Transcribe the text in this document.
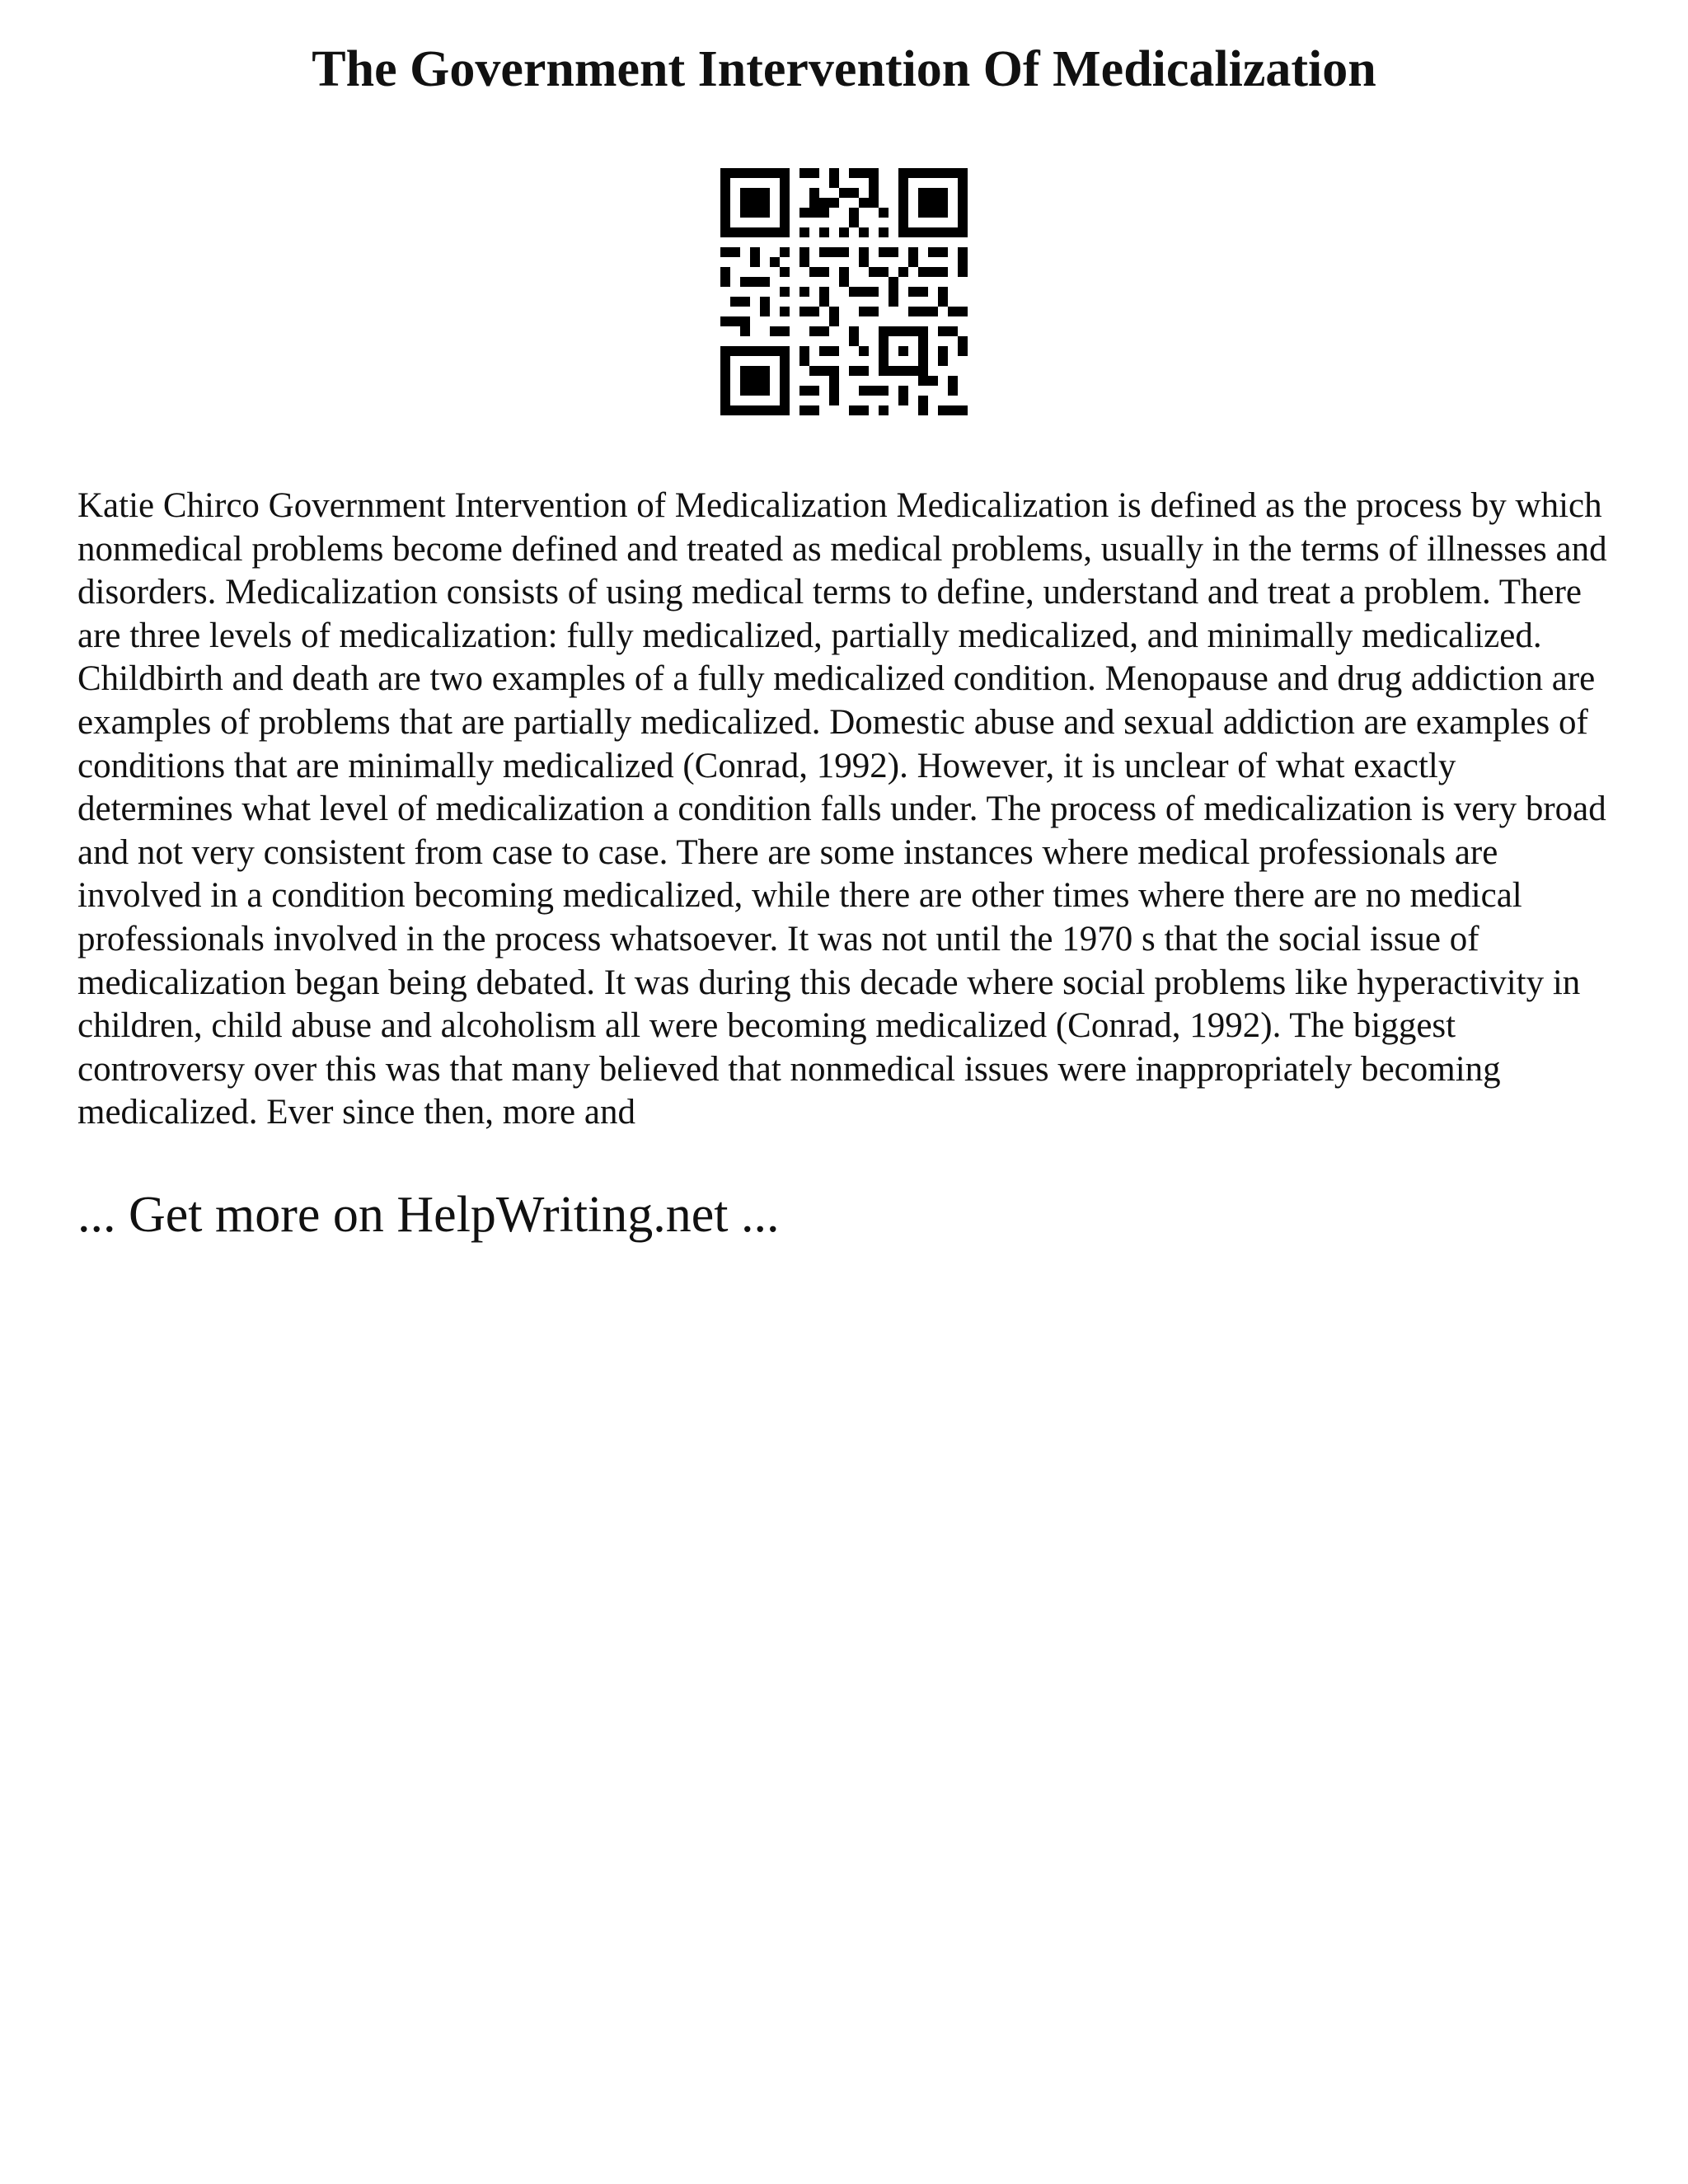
The Government Intervention Of Medicalization

Katie Chirco Government Intervention of Medicalization Medicalization is defined as the process by which nonmedical problems become defined and treated as medical problems, usually in the terms of illnesses and disorders. Medicalization consists of using medical terms to define, understand and treat a problem. There are three levels of medicalization: fully medicalized, partially medicalized, and minimally medicalized. Childbirth and death are two examples of a fully medicalized condition. Menopause and drug addiction are examples of problems that are partially medicalized. Domestic abuse and sexual addiction are examples of conditions that are minimally medicalized (Conrad, 1992). However, it is unclear of what exactly determines what level of medicalization a condition falls under. The process of medicalization is very broad and not very consistent from case to case. There are some instances where medical professionals are involved in a condition becoming medicalized, while there are other times where there are no medical professionals involved in the process whatsoever. It was not until the 1970 s that the social issue of medicalization began being debated. It was during this decade where social problems like hyperactivity in children, child abuse and alcoholism all were becoming medicalized (Conrad, 1992). The biggest controversy over this was that many believed that nonmedical issues were inappropriately becoming medicalized. Ever since then, more and

... Get more on HelpWriting.net ...
